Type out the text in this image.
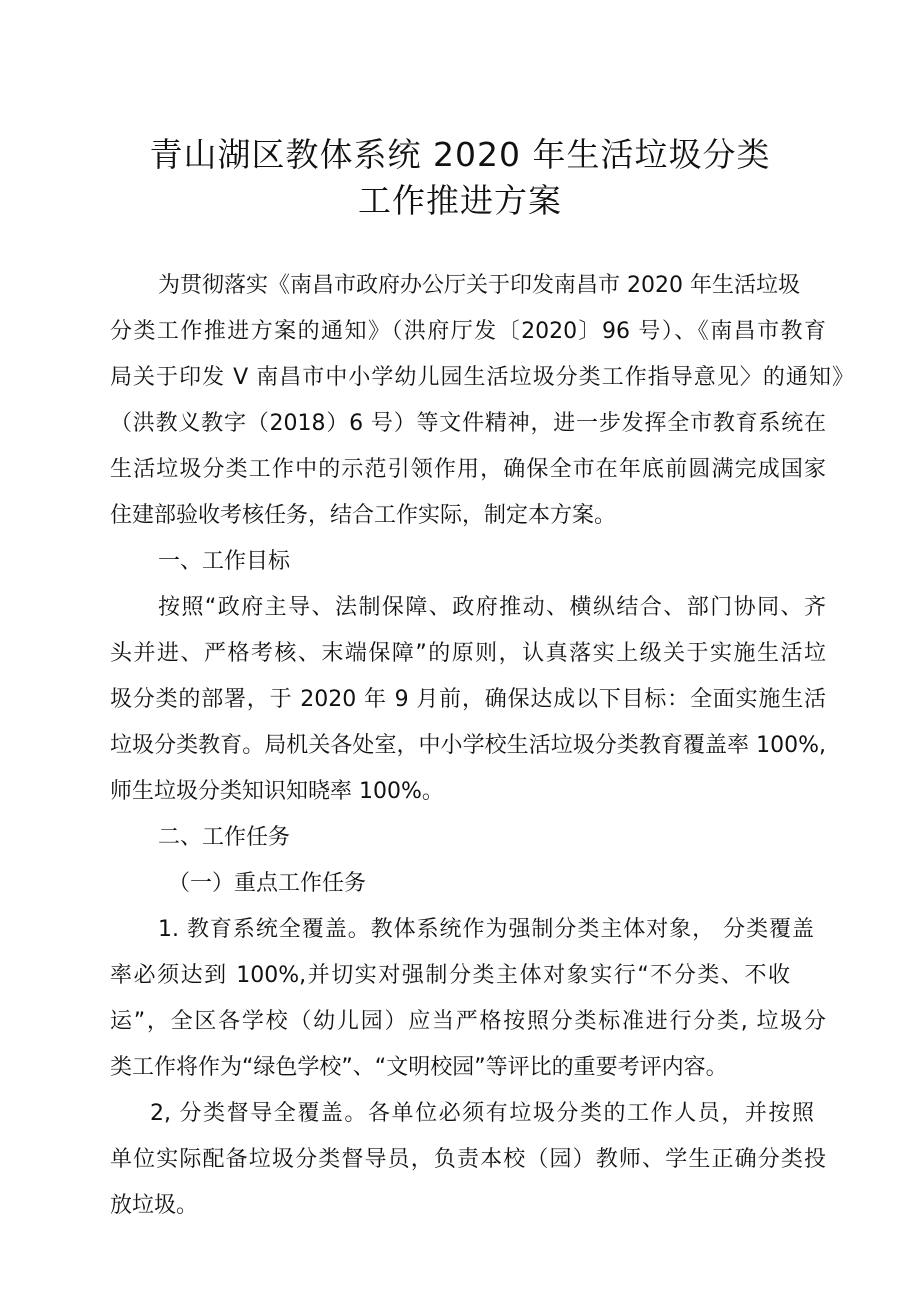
青山湖区教体系统 2020 年生活垃圾分类
工作推进方案
为贯彻落实《南昌市政府办公厅关于印发南昌市 2020 年生活垃圾
分类工作推进方案的通知》（洪府厅发〔2020〕96 号）、《南昌市教育
局关于印发 V 南昌市中小学幼儿园生活垃圾分类工作指导意见〉的通知》
（洪教义教字（2018）6 号）等文件精神，进一步发挥全市教育系统在
生活垃圾分类工作中的示范引领作用，确保全市在年底前圆满完成国家
住建部验收考核任务，结合工作实际，制定本方案。
一、工作目标
按照“政府主导、法制保障、政府推动、横纵结合、部门协同、齐
头并进、严格考核、末端保障”的原则，认真落实上级关于实施生活垃
圾分类的部署，于 2020 年 9 月前，确保达成以下目标：全面实施生活
垃圾分类教育。局机关各处室，中小学校生活垃圾分类教育覆盖率 100%,
师生垃圾分类知识知晓率 100%。
二、工作任务
（一）重点工作任务
1. 教育系统全覆盖。教体系统作为强制分类主体对象， 分类覆盖
率必须达到 100%,并切实对强制分类主体对象实行“不分类、不收
运”，全区各学校（幼儿园）应当严格按照分类标准进行分类, 垃圾分
类工作将作为“绿色学校”、“文明校园”等评比的重要考评内容。
2, 分类督导全覆盖。各单位必须有垃圾分类的工作人员，并按照
单位实际配备垃圾分类督导员，负责本校（园）教师、学生正确分类投
放垃圾。
